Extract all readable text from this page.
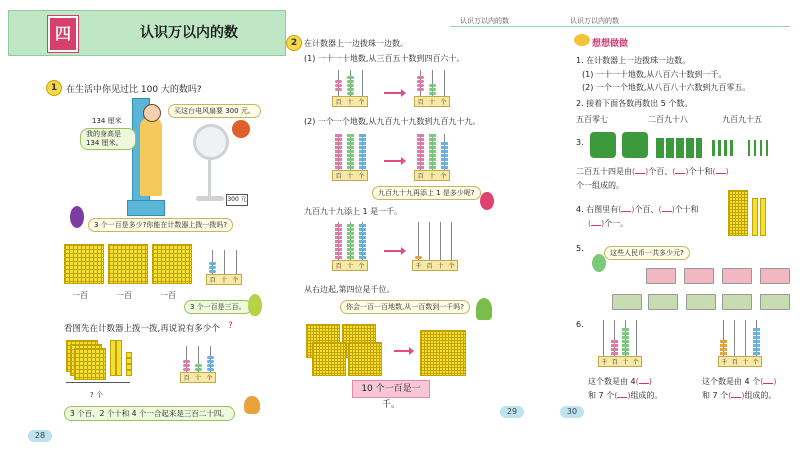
四	认识万以内的数
1 在生活中你见过比 100 大的数吗?
134 厘米
我的身高是 134 厘米。
买这台电风扇要 300 元。
300 元
3 个一百是多少?你能在计数器上拨一拨吗?
一百	一百	一百
百 十 个
3 个一百是三百。
看图先在计数器上拨一拨,再说说有多少个 ?
? 个
百 十 个
3 个百、2 个十和 4 个一合起来是三百二十四。
28
2 在计数器上一边拨珠一边数。
(1) 一十一十地数,从三百五十数到四百六十。
百 十 个	百 十 个
(2) 一个一个地数,从九百九十九数到九百九十九。
百 十 个	百 十 个
九百九十九再添上 1 是多少呢?
九百九十九添上 1 是一千。
百 十 个	千 百 十 个
从右边起,第四位是千位。
你会一百一百地数,从一百数到一千吗?
10 个一百是一千。
29
认识万以内的数	认识万以内的数
想想做做
1. 在计数器上一边拨珠一边数。
(1) 一十一十地数,从八百六十数到一千。
(2) 一个一个地数,从八百八十六数到九百零五。
2. 接着下面各数再数出 5 个数。
五百零七	二百九十八	九百九十五
3.
二百五十四是由( )个百、( )个十和( )
个一组成的。
4. 右图里有( )个百、( )个十和
( )个一。
5.	这些人民币一共多少元?
6.
千 百 十 个	千 百 十 个
这个数是由 4( )
和 7 个( )组成的。
这个数是由 4 个( )
和 7 个( )组成的。
30
